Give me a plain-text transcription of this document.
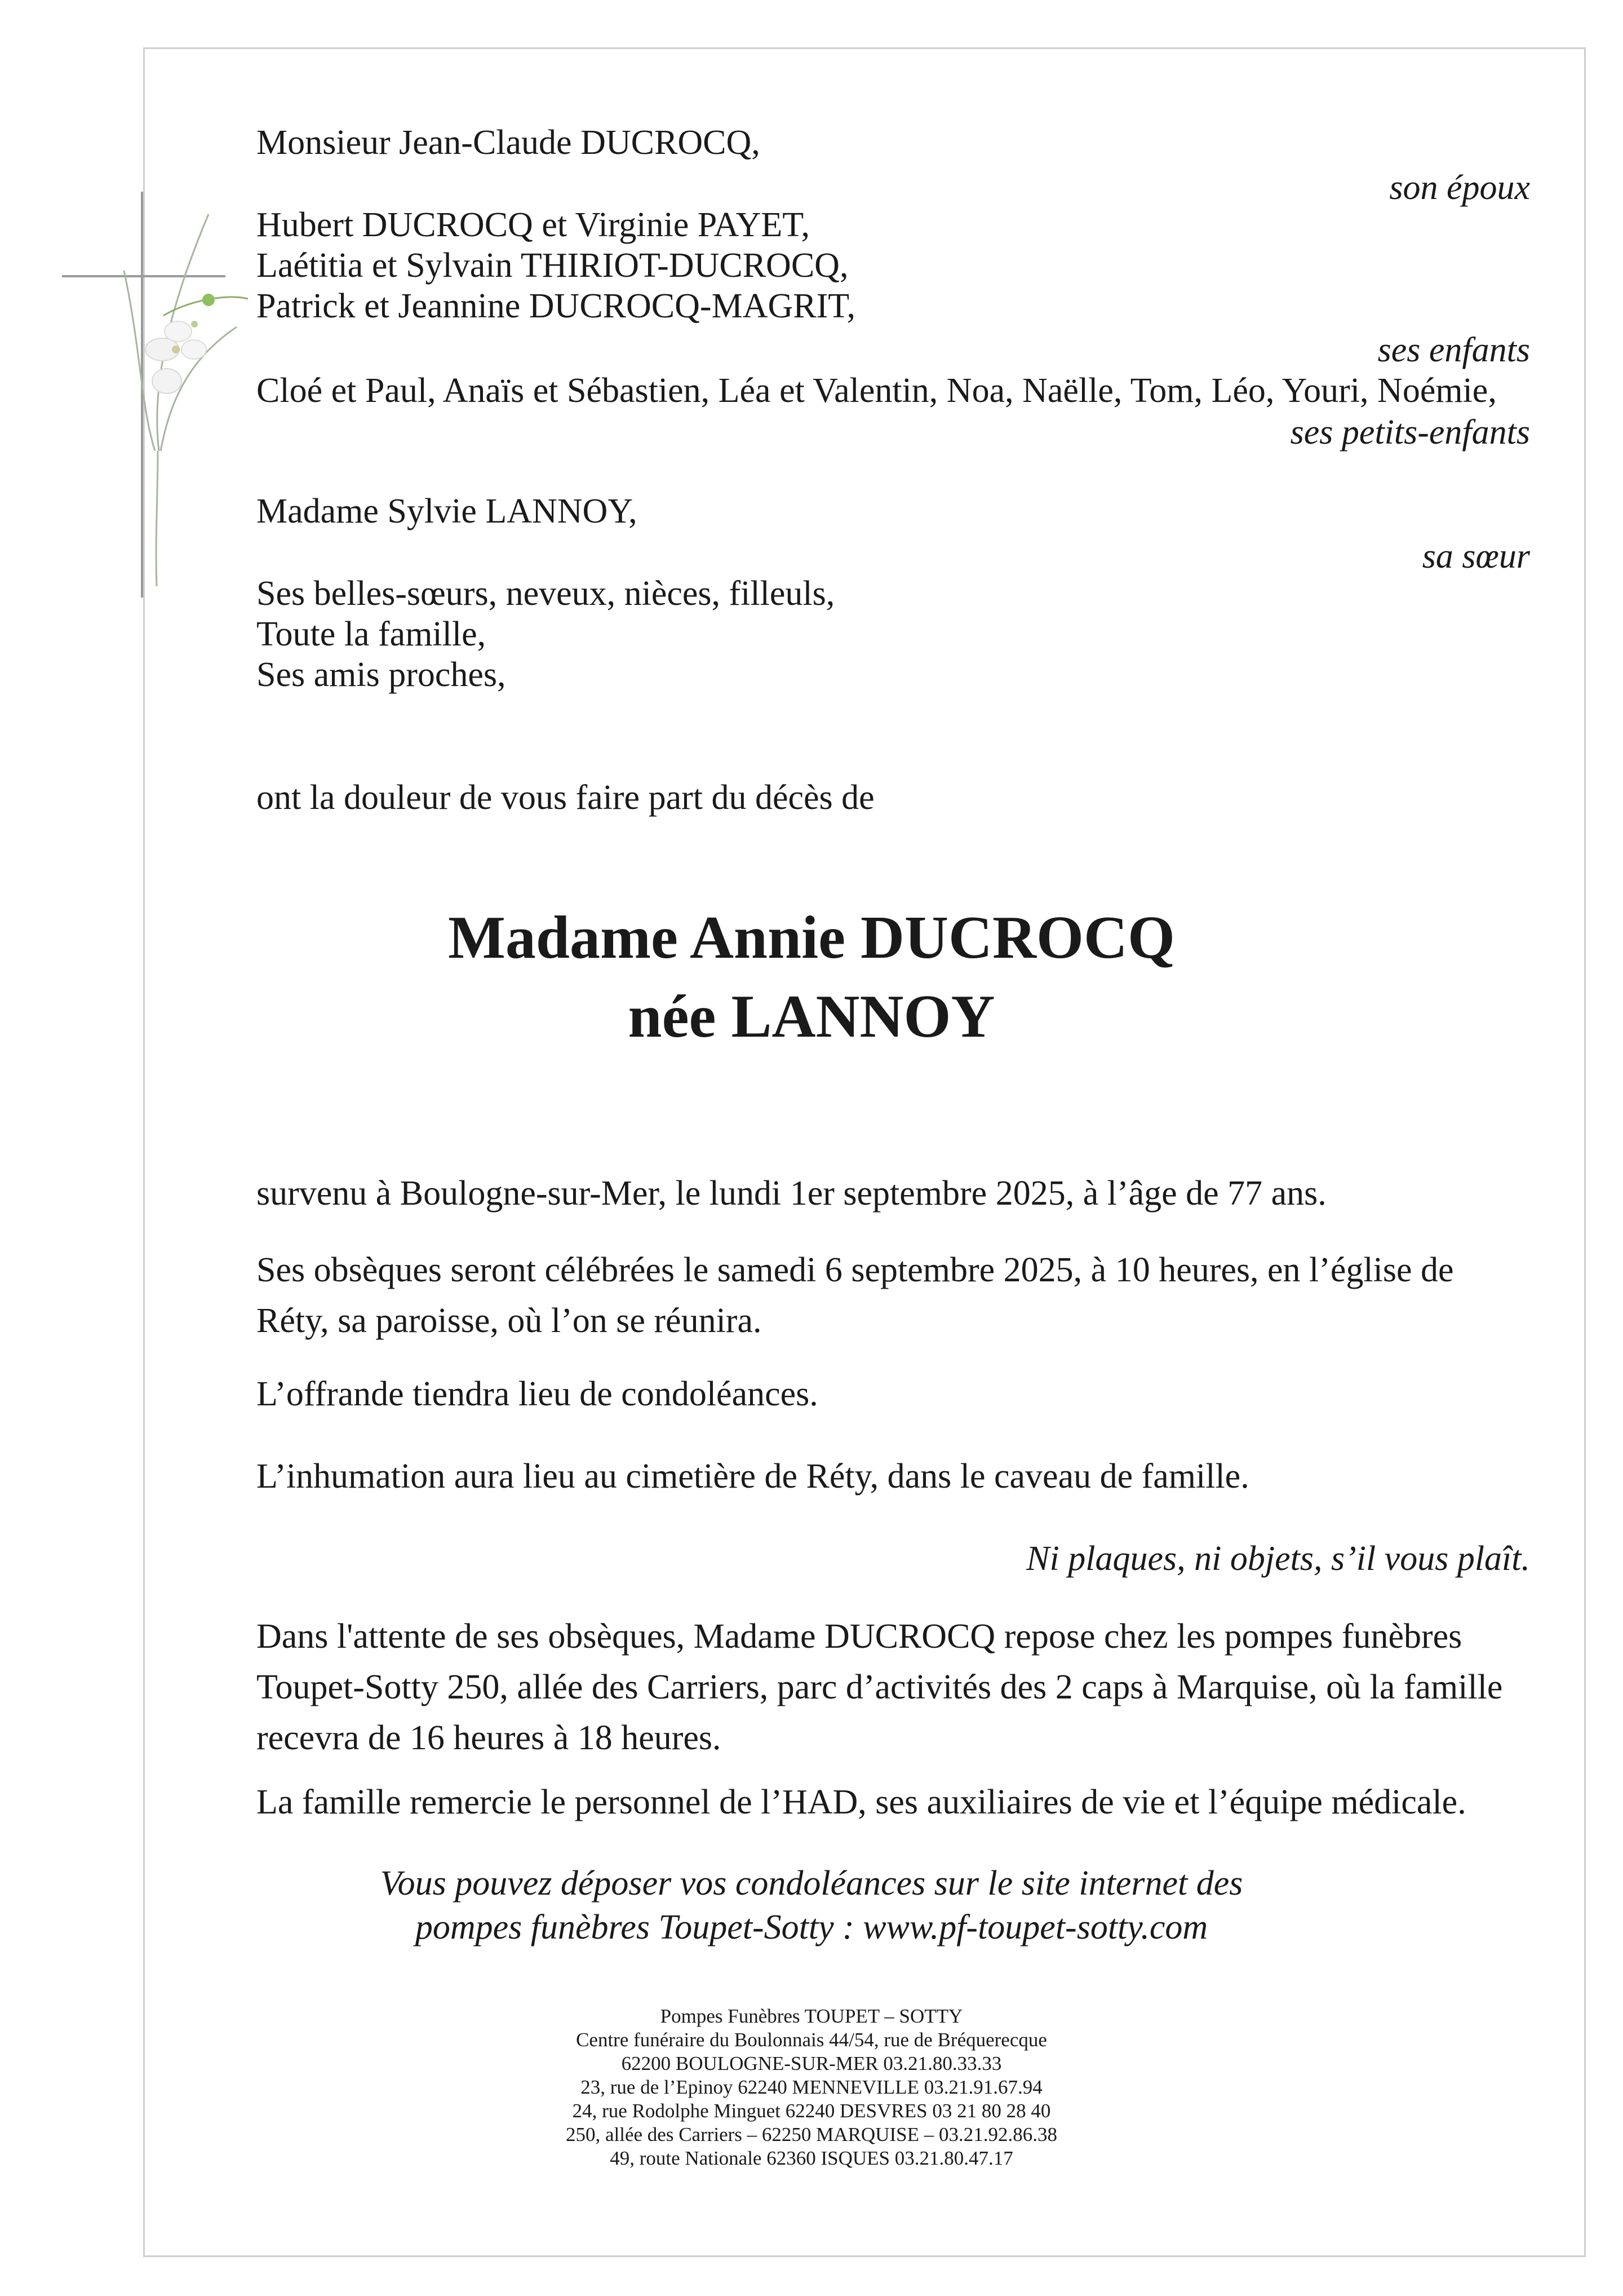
Monsieur Jean-Claude DUCROCQ,
son époux
Hubert DUCROCQ et Virginie PAYET,
Laétitia et Sylvain THIRIOT-DUCROCQ,
Patrick et Jeannine DUCROCQ-MAGRIT,
ses enfants
Cloé et Paul, Anaïs et Sébastien, Léa et Valentin, Noa, Naëlle, Tom, Léo, Youri, Noémie,
ses petits-enfants
Madame Sylvie LANNOY,
sa sœur
Ses belles-sœurs, neveux, nièces, filleuls,
Toute la famille,
Ses amis proches,
ont la douleur de vous faire part du décès de
Madame Annie DUCROCQ
née LANNOY
survenu à Boulogne-sur-Mer, le lundi 1er septembre 2025, à l’âge de 77 ans.

Ses obsèques seront célébrées le samedi 6 septembre 2025, à 10 heures, en l’église de Réty, sa paroisse, où l’on se réunira.

L’offrande tiendra lieu de condoléances.
L’inhumation aura lieu au cimetière de Réty, dans le caveau de famille.
Ni plaques, ni objets, s’il vous plaît.

Dans l'attente de ses obsèques, Madame DUCROCQ repose chez les pompes funèbres Toupet-Sotty 250, allée des Carriers, parc d’activités des 2 caps à Marquise, où la famille recevra de 16 heures à 18 heures.

La famille remercie le personnel de l’HAD, ses auxiliaires de vie et l’équipe médicale.
Vous pouvez déposer vos condoléances sur le site internet des
pompes funèbres Toupet-Sotty : www.pf-toupet-sotty.com
Pompes Funèbres TOUPET – SOTTY
Centre funéraire du Boulonnais 44/54, rue de Bréquerecque
62200 BOULOGNE-SUR-MER 03.21.80.33.33
23, rue de l’Epinoy 62240 MENNEVILLE 03.21.91.67.94
24, rue Rodolphe Minguet 62240 DESVRES 03 21 80 28 40
250, allée des Carriers – 62250 MARQUISE – 03.21.92.86.38
49, route Nationale 62360 ISQUES 03.21.80.47.17
